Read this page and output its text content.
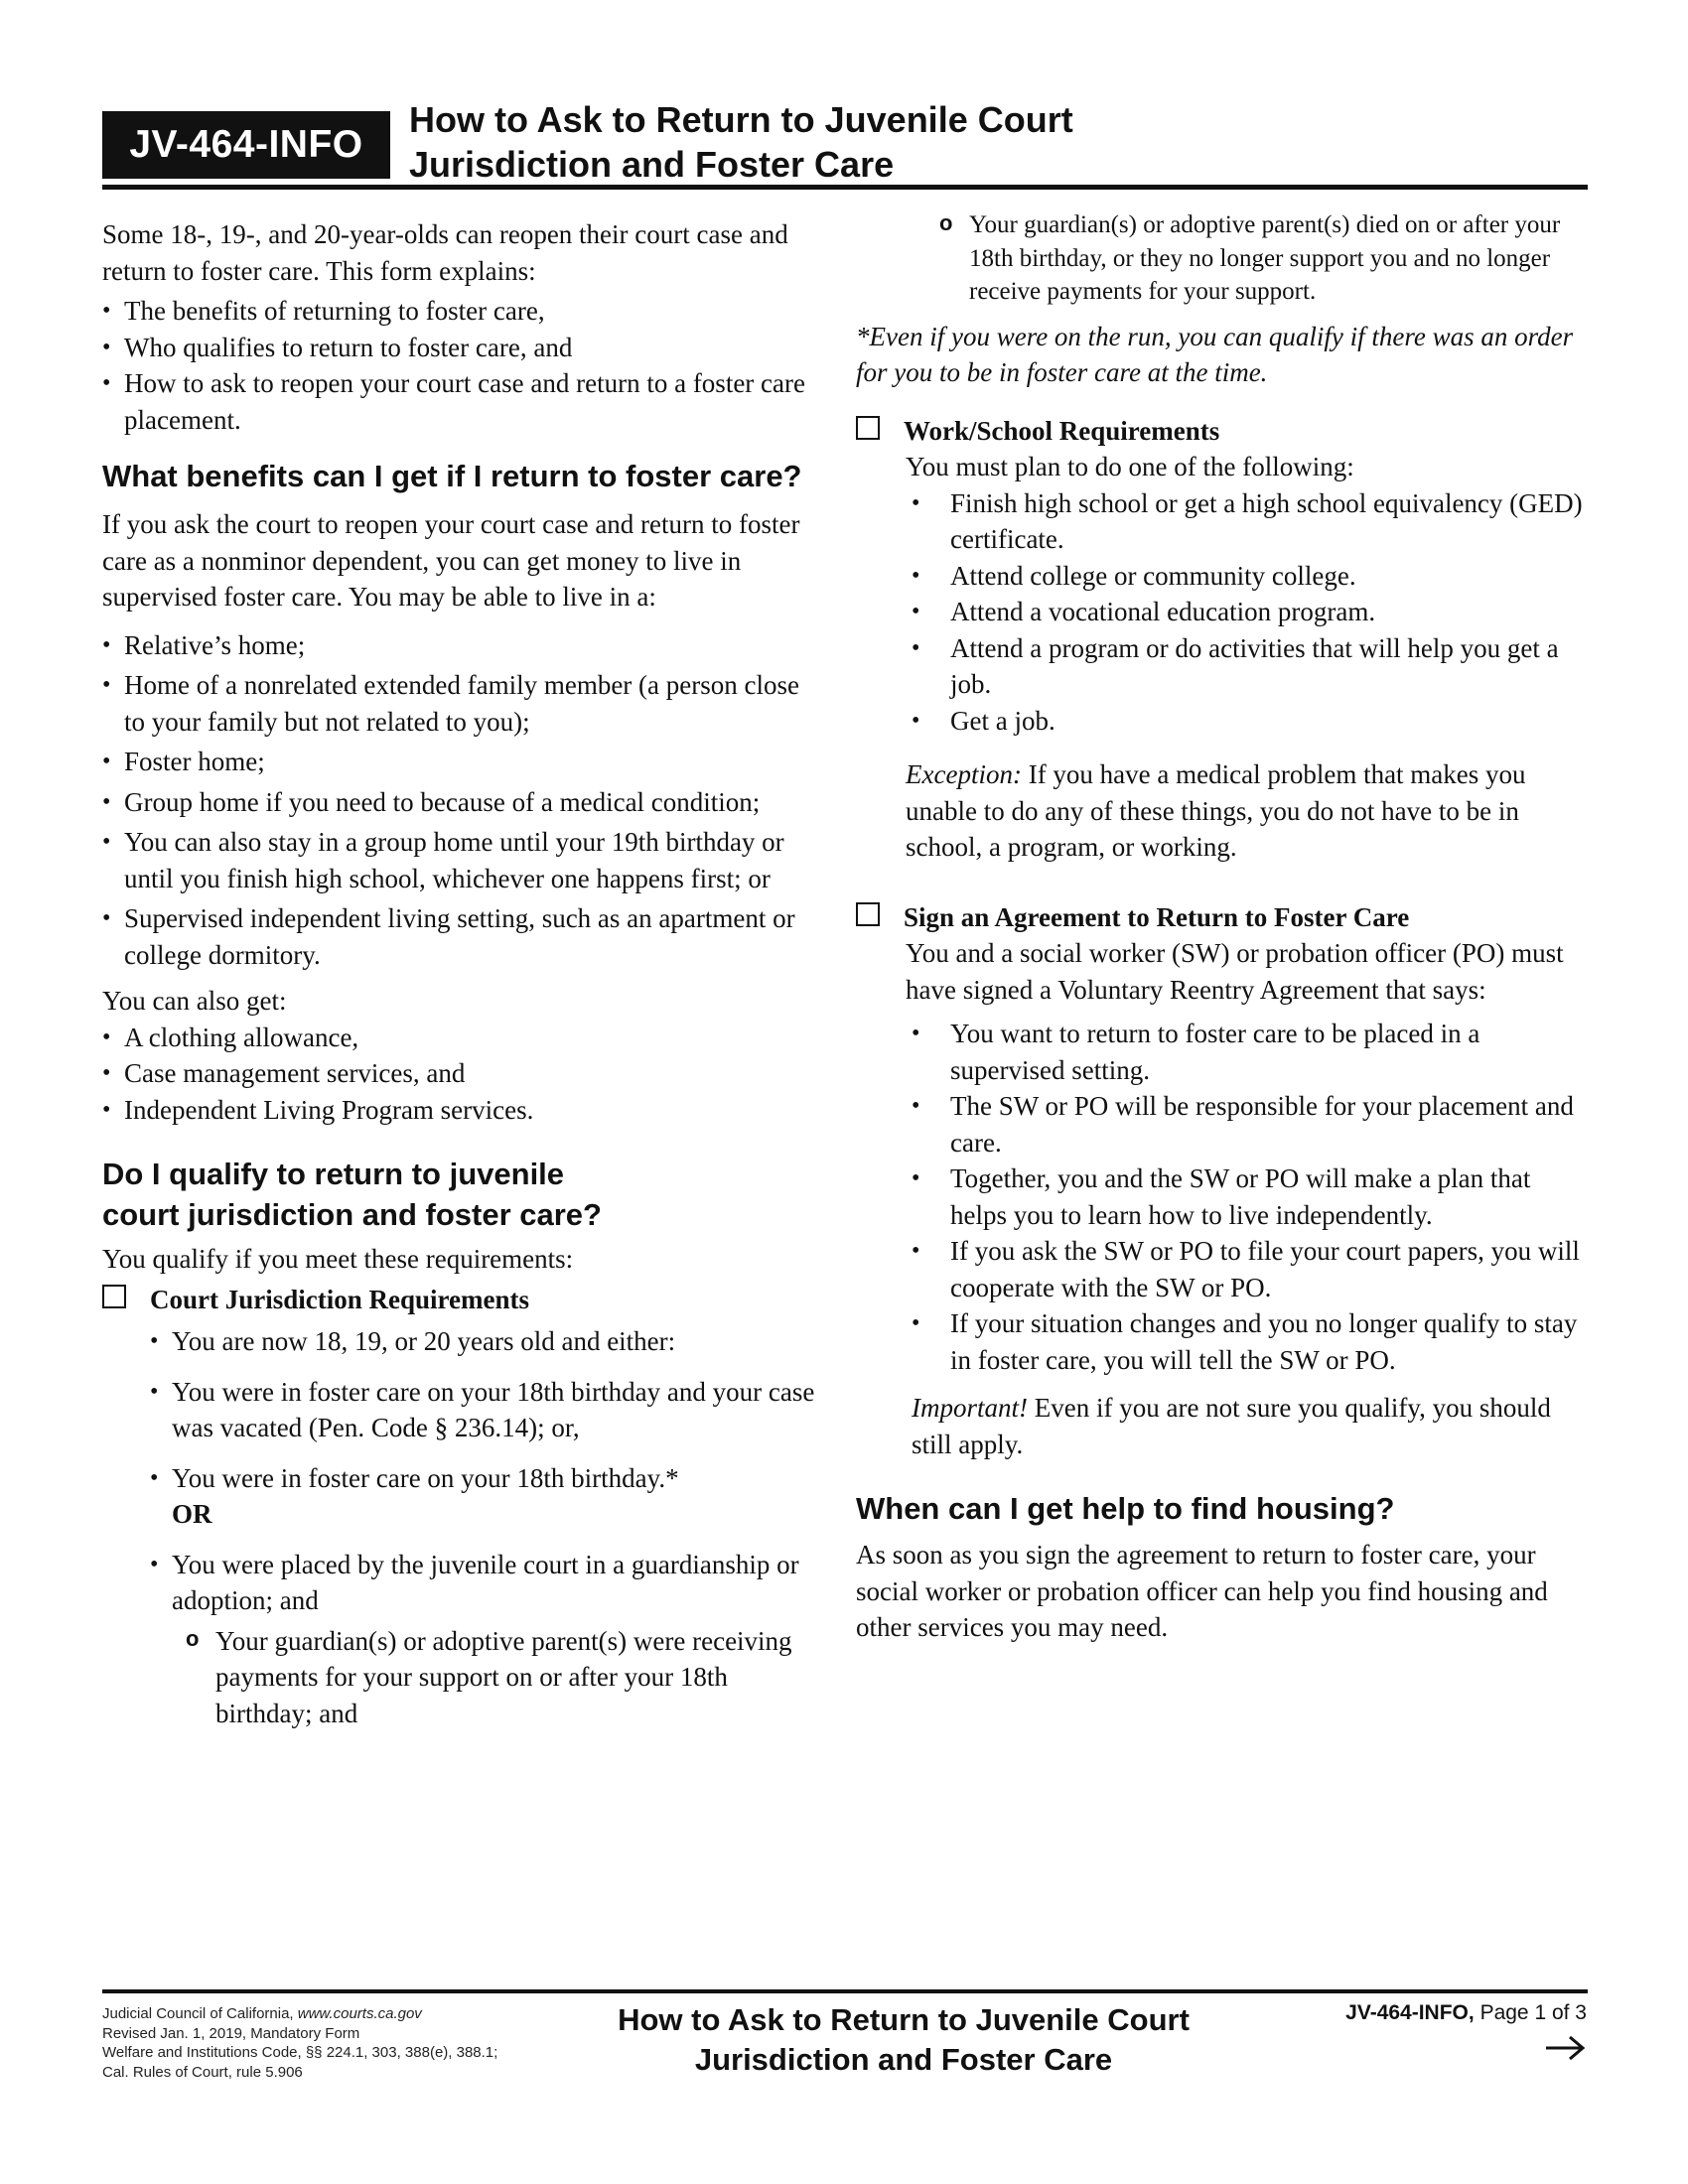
JV-464-INFO
How to Ask to Return to Juvenile Court
Jurisdiction and Foster Care

Some 18-, 19-, and 20-year-olds can reopen their court case and return to foster care. This form explains:

• The benefits of returning to foster care,
• Who qualifies to return to foster care, and
• How to ask to reopen your court case and return to a foster care placement.
What benefits can I get if I return to foster care?

If you ask the court to reopen your court case and return to foster care as a nonminor dependent, you can get money to live in supervised foster care. You may be able to live in a:

• Relative’s home;
• Home of a nonrelated extended family member (a person close to your family but not related to you);
• Foster home;
• Group home if you need to because of a medical condition;
• You can also stay in a group home until your 19th birthday or until you finish high school, whichever one happens first; or
• Supervised independent living setting, such as an apartment or college dormitory.

You can also get:

• A clothing allowance,
• Case management services, and
• Independent Living Program services.
Do I qualify to return to juvenile
court jurisdiction and foster care?

You qualify if you meet these requirements:

Court Jurisdiction Requirements
• You are now 18, 19, or 20 years old and either:
• You were in foster care on your 18th birthday and your case was vacated (Pen. Code § 236.14); or,
• You were in foster care on your 18th birthday.*
OR
• You were placed by the juvenile court in a guardianship or adoption; and
o Your guardian(s) or adoptive parent(s) were receiving payments for your support on or after your 18th birthday; and
o Your guardian(s) or adoptive parent(s) died on or after your 18th birthday, or they no longer support you and no longer receive payments for your support.

*Even if you were on the run, you can qualify if there was an order for you to be in foster care at the time.

Work/School Requirements

You must plan to do one of the following:

• Finish high school or get a high school equivalency (GED) certificate.
• Attend college or community college.
• Attend a vocational education program.
• Attend a program or do activities that will help you get a job.
• Get a job.

Exception: If you have a medical problem that makes you unable to do any of these things, you do not have to be in school, a program, or working.

Sign an Agreement to Return to Foster Care

You and a social worker (SW) or probation officer (PO) must have signed a Voluntary Reentry Agreement that says:

• You want to return to foster care to be placed in a supervised setting.
• The SW or PO will be responsible for your placement and care.
• Together, you and the SW or PO will make a plan that helps you to learn how to live independently.
• If you ask the SW or PO to file your court papers, you will cooperate with the SW or PO.
• If your situation changes and you no longer qualify to stay in foster care, you will tell the SW or PO.

Important! Even if you are not sure you qualify, you should still apply.

When can I get help to find housing?

As soon as you sign the agreement to return to foster care, your social worker or probation officer can help you find housing and other services you may need.

Judicial Council of California, www.courts.ca.gov
Revised Jan. 1, 2019, Mandatory Form
Welfare and Institutions Code, §§ 224.1, 303, 388(e), 388.1;
Cal. Rules of Court, rule 5.906
How to Ask to Return to Juvenile Court
Jurisdiction and Foster Care
JV-464-INFO, Page 1 of 3
